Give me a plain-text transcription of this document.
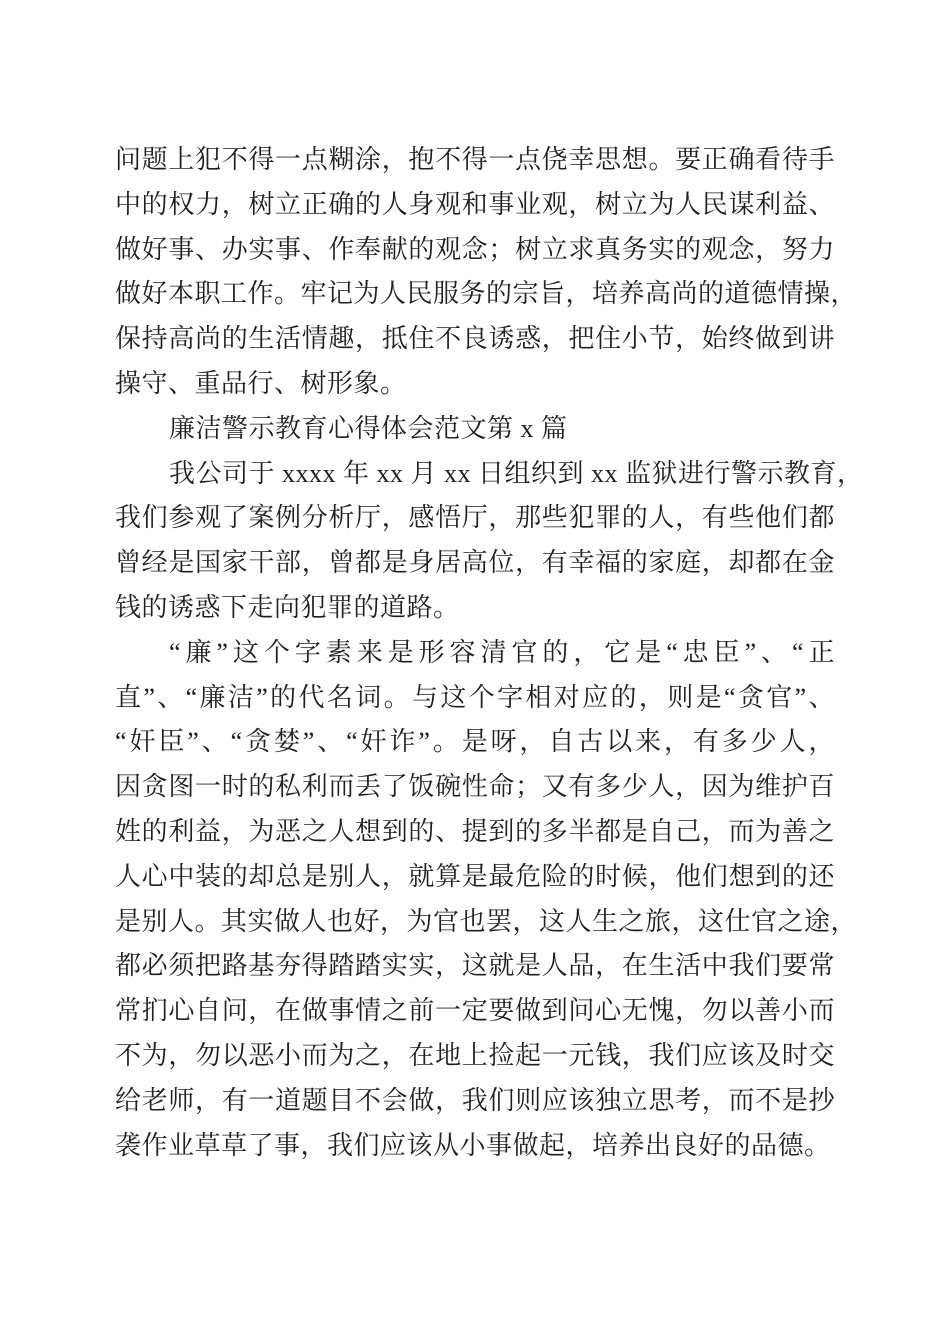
问题上犯不得一点糊涂，抱不得一点侥幸思想。要正确看待手
中的权力，树立正确的人身观和事业观，树立为人民谋利益、
做好事、办实事、作奉献的观念；树立求真务实的观念，努力
做好本职工作。牢记为人民服务的宗旨，培养高尚的道德情操，
保持高尚的生活情趣，抵住不良诱惑，把住小节，始终做到讲
操守、重品行、树形象。
廉洁警示教育心得体会范文第 x 篇
我公司于 xxxx 年 xx 月 xx 日组织到 xx 监狱进行警示教育，
我们参观了案例分析厅，感悟厅，那些犯罪的人，有些他们都
曾经是国家干部，曾都是身居高位，有幸福的家庭，却都在金
钱的诱惑下走向犯罪的道路。
“廉”这个字素来是形容清官的，它是“忠臣”、“正
直”、“廉洁”的代名词。与这个字相对应的，则是“贪官”、
“奸臣”、“贪婪”、“奸诈”。是呀，自古以来，有多少人，
因贪图一时的私利而丢了饭碗性命；又有多少人，因为维护百
姓的利益，为恶之人想到的、提到的多半都是自己，而为善之
人心中装的却总是别人，就算是最危险的时候，他们想到的还
是别人。其实做人也好，为官也罢，这人生之旅，这仕官之途，
都必须把路基夯得踏踏实实，这就是人品，在生活中我们要常
常扪心自问，在做事情之前一定要做到问心无愧，勿以善小而
不为，勿以恶小而为之，在地上捡起一元钱，我们应该及时交
给老师，有一道题目不会做，我们则应该独立思考，而不是抄
袭作业草草了事，我们应该从小事做起，培养出良好的品德。
